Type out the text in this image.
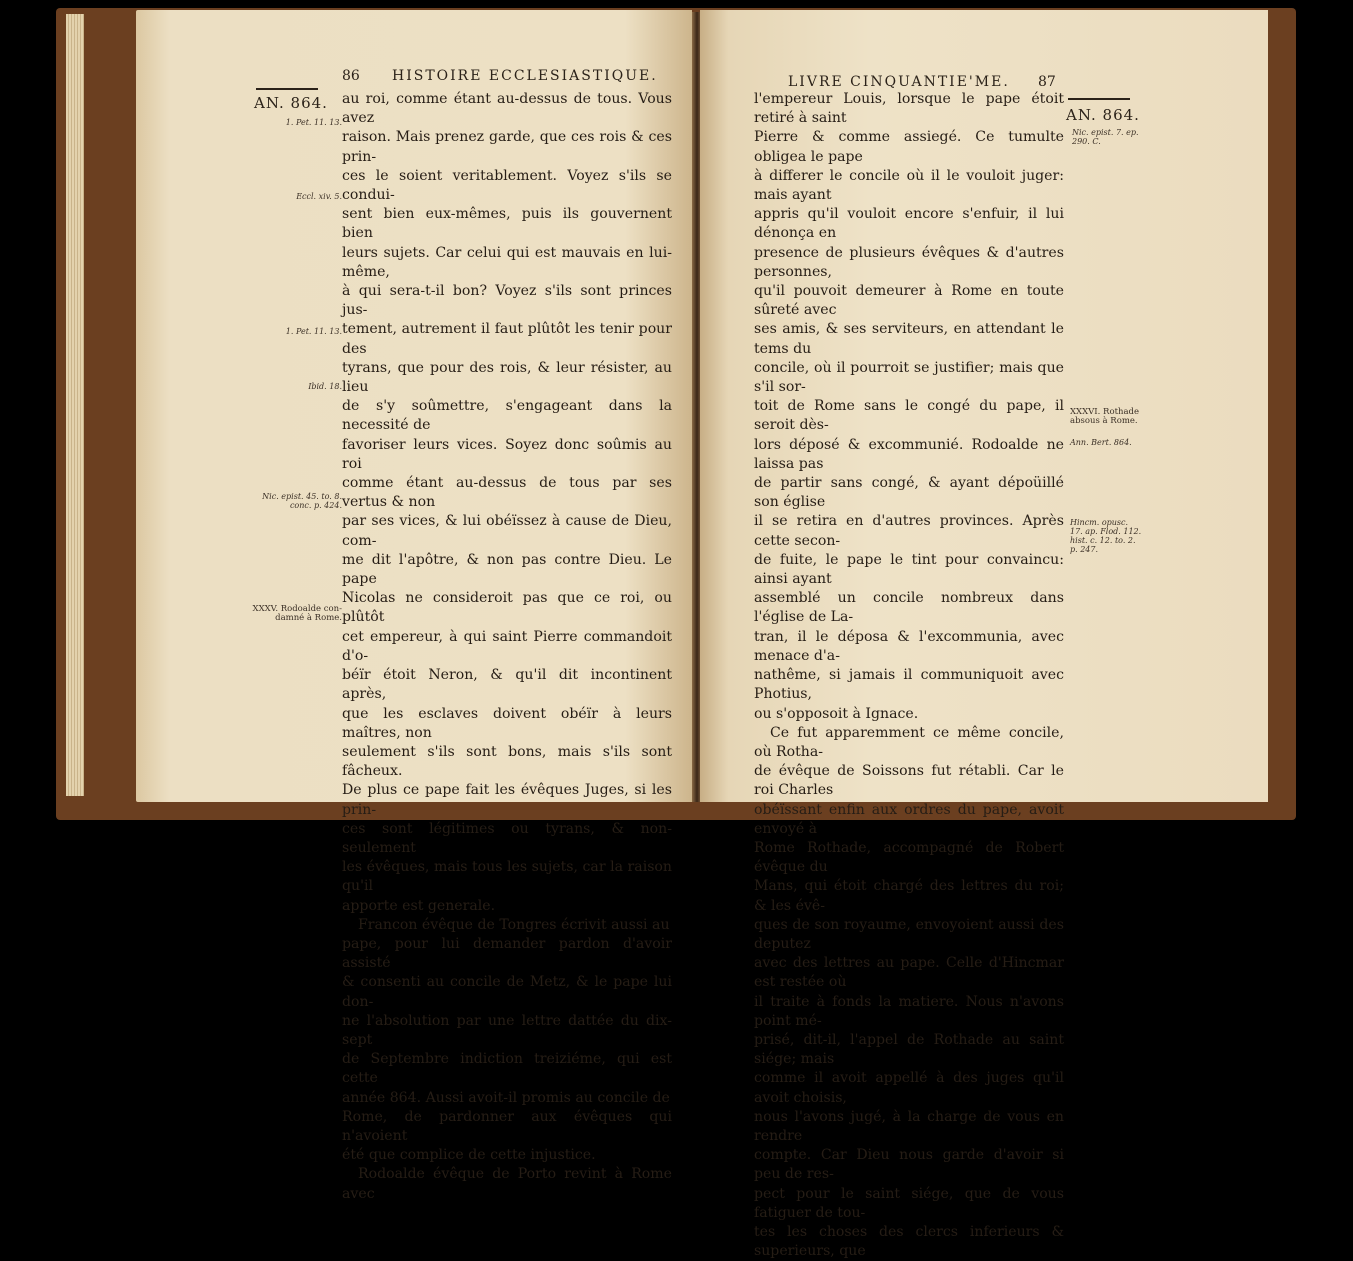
86 HISTOIRE ECCLESIASTIQUE.
AN. 864.
1. Pet. 11. 13.
Eccl. xiv. 5.
1. Pet. 11. 13.
Ibid. 18.
Nic. epist. 45. to. 8. conc. p. 424.
XXXV. Rodoalde con-damné à Rome.

au roi, comme étant au-dessus de tous. Vous avez

raison. Mais prenez garde, que ces rois & ces prin-

ces le soient veritablement. Voyez s'ils se condui-

sent bien eux-mêmes, puis ils gouvernent bien

leurs sujets. Car celui qui est mauvais en lui-même,

à qui sera-t-il bon? Voyez s'ils sont princes jus-

tement, autrement il faut plûtôt les tenir pour des

tyrans, que pour des rois, & leur résister, au lieu

de s'y soûmettre, s'engageant dans la necessité de

favoriser leurs vices. Soyez donc soûmis au roi

comme étant au-dessus de tous par ses vertus & non

par ses vices, & lui obéïssez à cause de Dieu, com-

me dit l'apôtre, & non pas contre Dieu. Le pape

Nicolas ne consideroit pas que ce roi, ou plûtôt

cet empereur, à qui saint Pierre commandoit d'o-

béïr étoit Neron, & qu'il dit incontinent après,

que les esclaves doivent obéïr à leurs maîtres, non

seulement s'ils sont bons, mais s'ils sont fâcheux.

De plus ce pape fait les évêques Juges, si les prin-

ces sont légitimes ou tyrans, & non-seulement

les évêques, mais tous les sujets, car la raison qu'il

apporte est generale.

Francon évêque de Tongres écrivit aussi au

pape, pour lui demander pardon d'avoir assisté

& consenti au concile de Metz, & le pape lui don-

ne l'absolution par une lettre dattée du dix-sept

de Septembre indiction treiziéme, qui est cette

année 864. Aussi avoit-il promis au concile de

Rome, de pardonner aux évêques qui n'avoient

été que complice de cette injustice.

Rodoalde évêque de Porto revint à Rome avec

LIVRE CINQUANTIE'ME. 87
AN. 864.
Nic. epist. 7. ep. 290. C.
XXXVI. Rothade absous à Rome.
Ann. Bert. 864.
Hincm. opusc. 17. ap. Flod. 112. hist. c. 12. to. 2. p. 247.

l'empereur Louis, lorsque le pape étoit retiré à saint

Pierre & comme assiegé. Ce tumulte obligea le pape

à differer le concile où il le vouloit juger: mais ayant

appris qu'il vouloit encore s'enfuir, il lui dénonça en

presence de plusieurs évêques & d'autres personnes,

qu'il pouvoit demeurer à Rome en toute sûreté avec

ses amis, & ses serviteurs, en attendant le tems du

concile, où il pourroit se justifier; mais que s'il sor-

toit de Rome sans le congé du pape, il seroit dès-

lors déposé & excommunié. Rodoalde ne laissa pas

de partir sans congé, & ayant dépoüillé son église

il se retira en d'autres provinces. Après cette secon-

de fuite, le pape le tint pour convaincu: ainsi ayant

assemblé un concile nombreux dans l'église de La-

tran, il le déposa & l'excommunia, avec menace d'a-

nathême, si jamais il communiquoit avec Photius,

ou s'opposoit à Ignace.

Ce fut apparemment ce même concile, où Rotha-

de évêque de Soissons fut rétabli. Car le roi Charles

obéïssant enfin aux ordres du pape, avoit envoyé à

Rome Rothade, accompagné de Robert évêque du

Mans, qui étoit chargé des lettres du roi; & les évê-

ques de son royaume, envoyoient aussi des deputez

avec des lettres au pape. Celle d'Hincmar est restée où

il traite à fonds la matiere. Nous n'avons point mé-

prisé, dit-il, l'appel de Rothade au saint siége; mais

comme il avoit appellé à des juges qu'il avoit choisis,

nous l'avons jugé, à la charge de vous en rendre

compte. Car Dieu nous garde d'avoir si peu de res-

pect pour le saint siége, que de vous fatiguer de tou-

tes les choses des clercs inferieurs & superieurs, que
